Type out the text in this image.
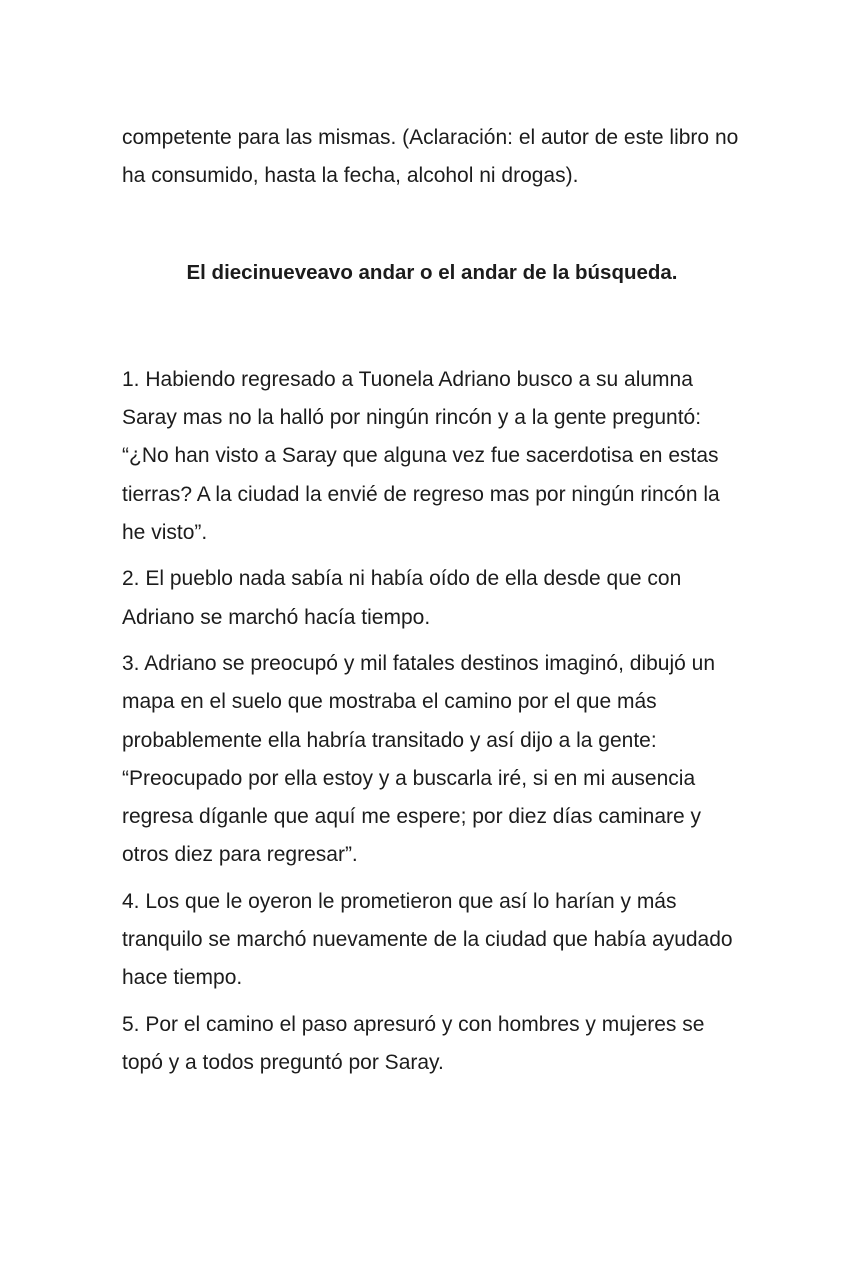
competente para las mismas. (Aclaración: el autor de este libro no ha consumido, hasta la fecha, alcohol ni drogas).

El diecinueveavo andar o el andar de la búsqueda.

1. Habiendo regresado a Tuonela Adriano busco a su alumna Saray mas no la halló por ningún rincón y a la gente preguntó: “¿No han visto a Saray que alguna vez fue sacerdotisa en estas tierras? A la ciudad la envié de regreso mas por ningún rincón la he visto”.

2. El pueblo nada sabía ni había oído de ella desde que con Adriano se marchó hacía tiempo.

3. Adriano se preocupó y mil fatales destinos imaginó, dibujó un mapa en el suelo que mostraba el camino por el que más probablemente ella habría transitado y así dijo a la gente: “Preocupado por ella estoy y a buscarla iré, si en mi ausencia regresa díganle que aquí me espere; por diez días caminare y otros diez para regresar”.

4. Los que le oyeron le prometieron que así lo harían y más tranquilo se marchó nuevamente de la ciudad que había ayudado hace tiempo.

5. Por el camino el paso apresuró y con hombres y mujeres se topó y a todos preguntó por Saray.
